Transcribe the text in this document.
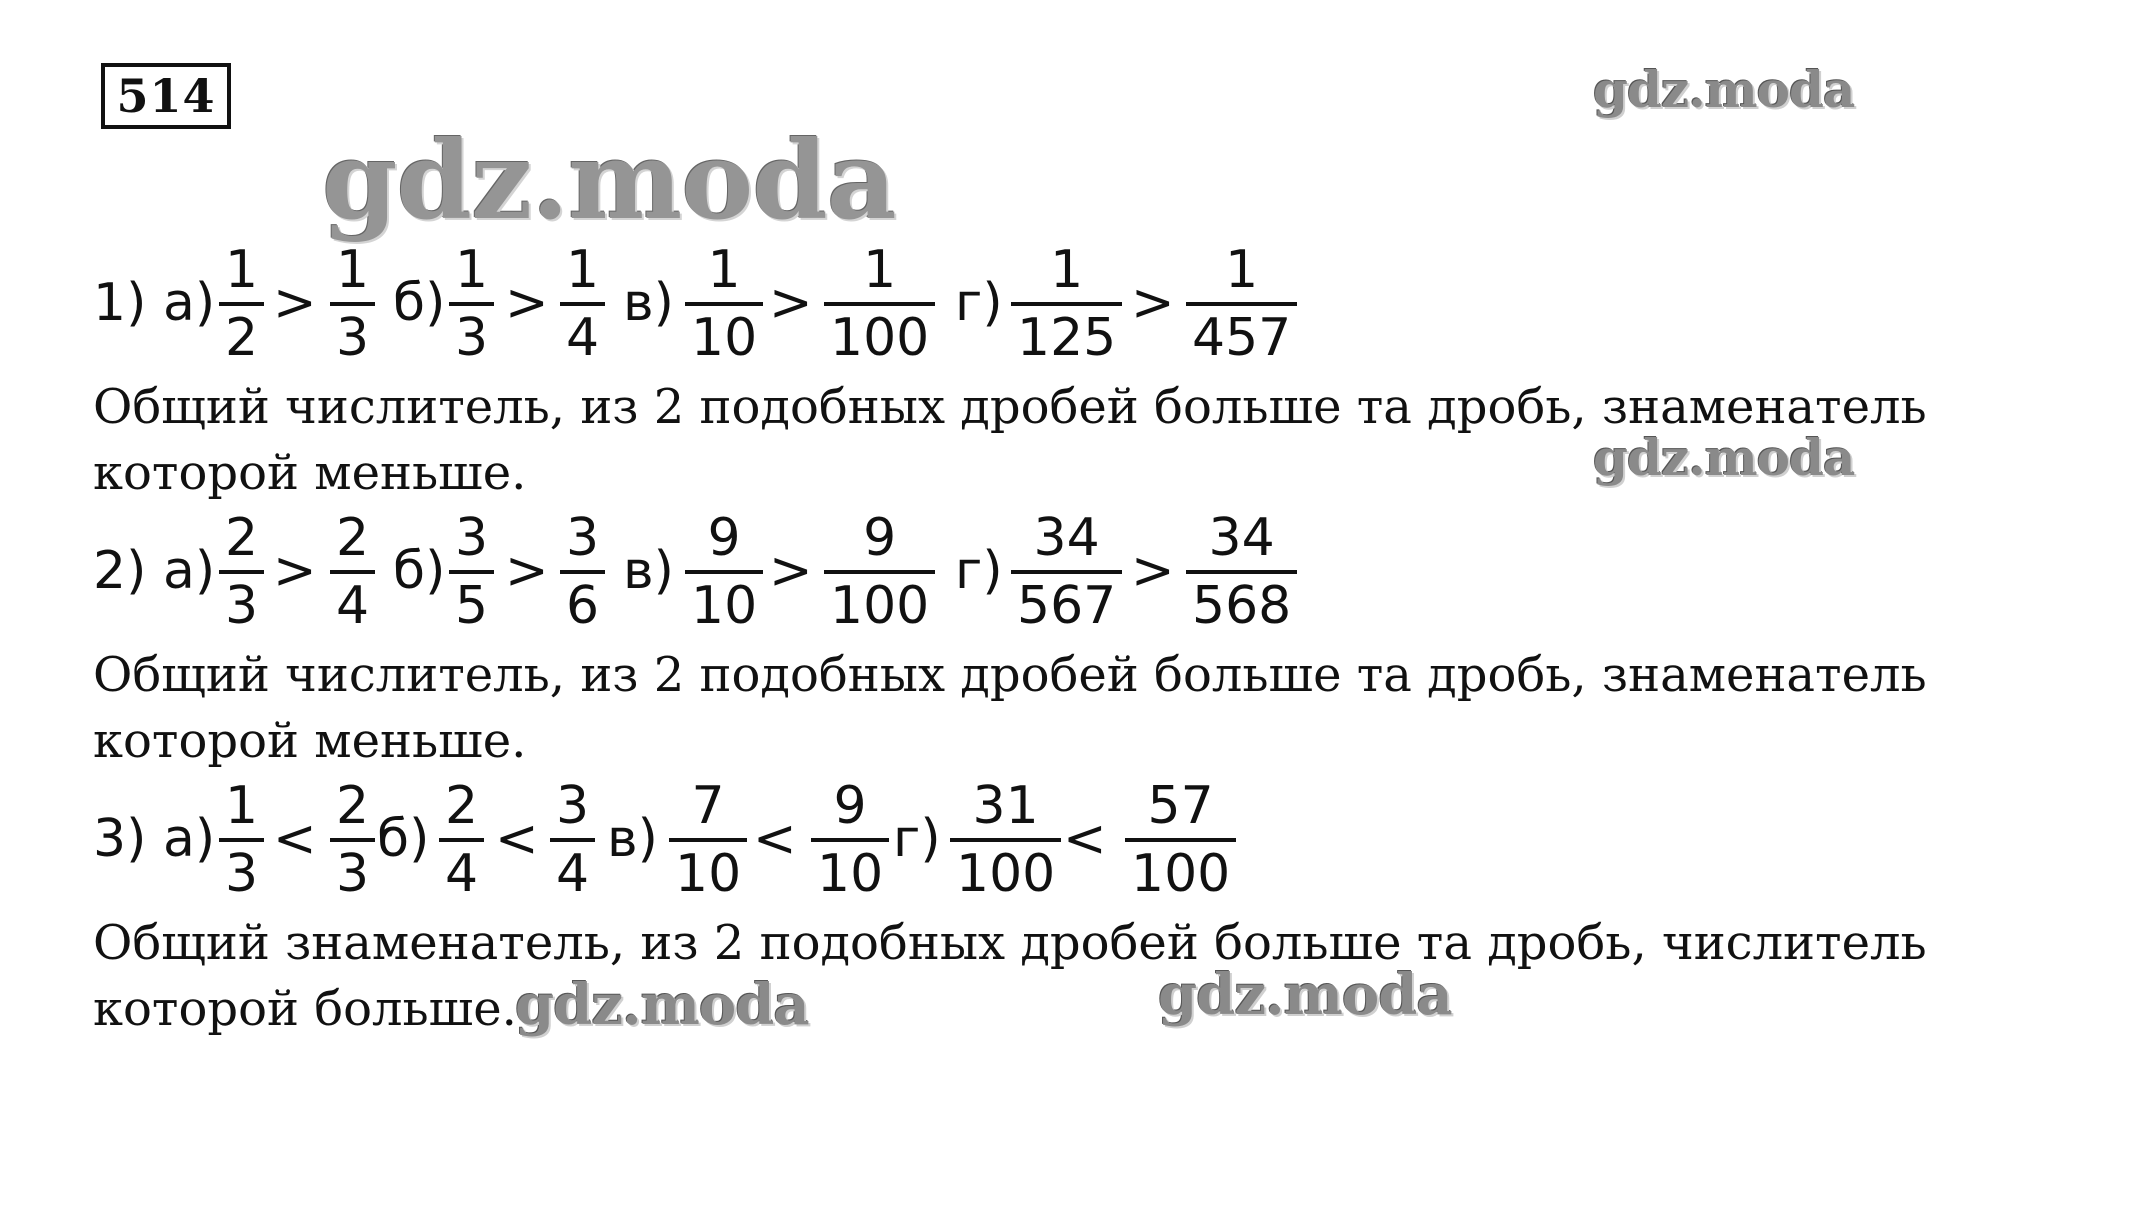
514
gdz.moda
gdz.moda
gdz.moda
gdz.moda	gdz.moda
1) а)
1
2
>
1
3
б)
1
3
>
1
4
в)
1
10
>
1
100
г)
1
125
>
1
457
Общий числитель, из 2 подобных дробей больше та дробь, знаменатель
которой меньше.
2) а)
2
3
>
2
4
б)
3
5
>
3
6
в)
9
10
>
9
100
г)
34
567
>
34
568
Общий числитель, из 2 подобных дробей больше та дробь, знаменатель
которой меньше.
3) а)
1
3
<
2
3
б)
2
4
<
3
4
в)
7
10
<
9
10
г)
31
100
<
57
100
Общий знаменатель, из 2 подобных дробей больше та дробь, числитель
которой больше.
